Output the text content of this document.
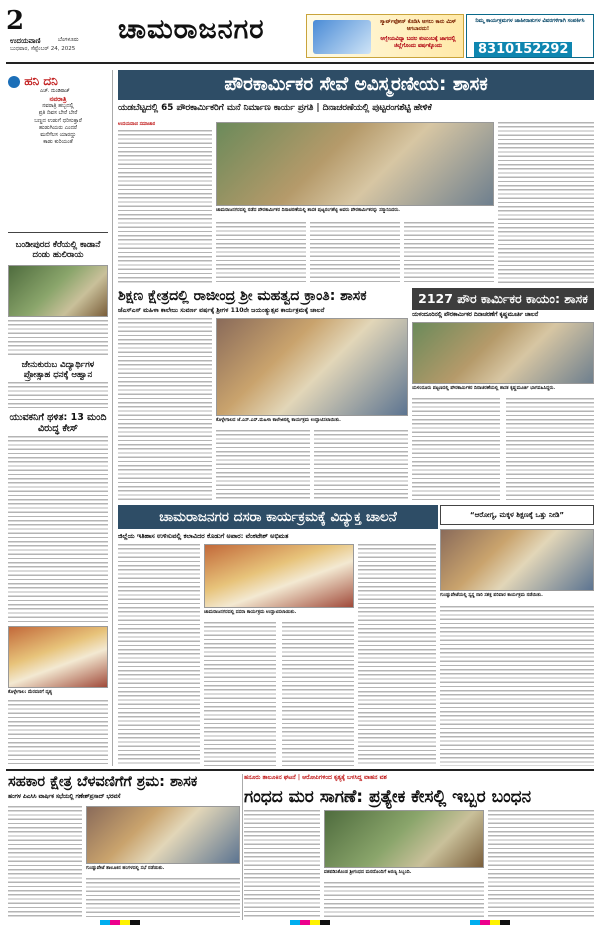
2
ಉದಯವಾಣಿ	ಬೆಂಗಳೂರು
ಬುಧವಾರ, ಸೆಪ್ಟೆಂಬರ್ 24, 2025
ಚಾಮರಾಜನಗರ	ಸ್ಮಾರ್ಟ್‌ಫೋನ್ ಕೊಡಿಸಿ ಆಗಲು ಕಾರು ಮಿಸ್ ಆಗಬಾರದು!
ಆಗ್ನೇಯವಿದ್ಯಾ ಬದಲ ಕುಟುಂಬಕ್ಕೆ ಜಾಗದಲ್ಲಿ ಜಿಲ್ಲೆಗೊಂದು ವರ್ಷಕ್ಕೊಂದು
ನಿಮ್ಮ ಕಾರ್ಯಕ್ರಮಗಳ ಜಾಹೀರಾತುಗಳ ವಿವರಗಳಿಗಾಗಿ ಸಂಪರ್ಕಿಸಿ
8310152292
ಹನಿ ದನಿ
ಎಚ್. ದುಂಡಿರಾಜ್
ನವರಾತ್ರಿ
ನವರಾತ್ರಿ ಹಬ್ಬದಲ್ಲಿ
ಪ್ರತಿ ದಿವಸ ಬೇರೆ ಬೇರೆ
ಬಣ್ಣದ ಉಡುಗೆ ಧರಿಸುತ್ತಾರೆ
ಹುಡುಗಿಯರು ಎಂದರೆ
ಮನೆಗೆಲಸ ಯಾರದ್ದು
ಕಾಡು ಕುರಿಯಂತೆ
ಬಂಡೀಪುರದ ಕೆರೆಯಲ್ಲಿ ಕಾಡಾನೆ ದಂಡು ಹುಲಿರಾಯ
ಜೇನುಕುರುಬ ವಿದ್ಯಾರ್ಥಿಗಳ ಪ್ರೋತ್ಸಾಹ ಧನಕ್ಕೆ ಆಹ್ವಾನ
ಯುವಕನಿಗೆ ಥಳಿತ: 13 ಮಂದಿ ವಿರುದ್ಧ ಕೇಸ್
ಕೊಳ್ಳೇಗಾಲ: ಮೆರವಣಿಗೆ ದೃಶ್ಯ
ಪೌರಕಾರ್ಮಿಕರ ಸೇವೆ ಅವಿಸ್ಮರಣೀಯ: ಶಾಸಕ
ಯಡಬೆಟ್ಟದಲ್ಲಿ 65 ಪೌರಕಾರ್ಮಿಕರಿಗೆ ಮನೆ ನಿರ್ಮಾಣ ಕಾರ್ಯ ಪ್ರಗತಿ | ದಿನಾಚರಣೆಯಲ್ಲಿ ಪುಟ್ಟರಂಗಶೆಟ್ಟಿ ಹೇಳಿಕೆ
ಉದಯವಾಣಿ ಸಮಾಚಾರ
ಚಾಮರಾಜನಗರದಲ್ಲಿ ನಡೆದ ಪೌರಕಾರ್ಮಿಕರ ದಿನಾಚರಣೆಯಲ್ಲಿ ಶಾಸಕ ಪುಟ್ಟರಂಗಶೆಟ್ಟಿ ಅವರು ಪೌರಕಾರ್ಮಿಕರನ್ನು ಸನ್ಮಾನಿಸಿದರು.
ಶಿಕ್ಷಣ ಕ್ಷೇತ್ರದಲ್ಲಿ ರಾಜೀಂದ್ರ ಶ್ರೀ ಮಹತ್ವದ ಕ್ರಾಂತಿ: ಶಾಸಕ
ಜೆಎಸ್‌ಎಸ್ ಮಹಿಳಾ ಕಾಲೇಜು ಸುವರ್ಣ ವರ್ಷಕ್ಕೆ ಶ್ರೀಗಳ 110ನೇ ಜಯಂತ್ಯುತ್ಸವ ಕಾರ್ಯಕ್ರಮಕ್ಕೆ ಚಾಲನೆ
ಕೊಳ್ಳೇಗಾಲದ ಜೆ.ಎಸ್.ಎಸ್.ಮಹಿಳಾ ಕಾಲೇಜಿನಲ್ಲಿ ಕಾರ್ಯಕ್ರಮ ಉದ್ಘಾಟಿಸಲಾಯಿತು.
2127 ಪೌರ ಕಾರ್ಮಿಕರ ಕಾಯಂ: ಶಾಸಕ
ಯಳಂದೂರಿನಲ್ಲಿ ಪೌರಕಾರ್ಮಿಕರ ದಿನಾಚರಣೆಗೆ ಕೃಷ್ಣಮೂರ್ತಿ ಚಾಲನೆ
ಯಳಂದೂರು ಪಟ್ಟಣದಲ್ಲಿ ಪೌರಕಾರ್ಮಿಕರ ದಿನಾಚರಣೆಯಲ್ಲಿ ಶಾಸಕ ಕೃಷ್ಣಮೂರ್ತಿ ಭಾಗವಹಿಸಿದ್ದರು.
ಚಾಮರಾಜನಗರ ದಸರಾ ಕಾರ್ಯಕ್ರಮಕ್ಕೆ ವಿದ್ಯುಕ್ತ ಚಾಲನೆ
ಜಿಲ್ಲೆಯ ಇತಿಹಾಸ ಉಳಿಸುವಲ್ಲಿ ಕಲಾವಿದರ ಕೊಡುಗೆ ಅಪಾರ: ವೆಂಕಟೇಶ್ ಅಭಿಮತ
ಚಾಮರಾಜನಗರದಲ್ಲಿ ದಸರಾ ಕಾರ್ಯಕ್ರಮ ಉದ್ಘಾಟಿಸಲಾಯಿತು.
“ಆರೋಗ್ಯ, ಮಕ್ಕಳ ಶಿಕ್ಷಣಕ್ಕೆ ಒತ್ತು ನೀಡಿ”
ಗುಂಡ್ಲುಪೇಟೆಯಲ್ಲಿ ಸ್ವಸ್ಥ ನಾರಿ ಸಶಕ್ತ ಪರಿವಾರ ಕಾರ್ಯಕ್ರಮ ನಡೆಯಿತು.
ಸಹಕಾರ ಕ್ಷೇತ್ರ ಬೆಳವಣಿಗೆಗೆ ಶ್ರಮ: ಶಾಸಕ
ಹಂಗಳ ಪಿಎಸಿಸಿ ವಾರ್ಷಿಕ ಸಭೆಯಲ್ಲಿ ಗಣೇಶ್‌ಪ್ರಸಾದ್ ಭರವಸೆ
ಗುಂಡ್ಲುಪೇಟೆ ತಾಲೂಕಿನ ಹಂಗಳದಲ್ಲಿ ಸಭೆ ನಡೆಯಿತು.
ಹನೂರು ತಾಲೂಕಿನ ಘಟನೆ | ಆರೋಪಿಗಳಿಂದ ಕೃತ್ಯಕ್ಕೆ ಬಳಸಿದ್ದ ವಾಹನ ವಶ
ಗಂಧದ ಮರ ಸಾಗಣೆ: ಪ್ರತ್ಯೇಕ ಕೇಸಲ್ಲಿ ಇಬ್ಬರ ಬಂಧನ
ವಶಪಡಿಸಿಕೊಂಡ ಶ್ರೀಗಂಧದ ಮರದೊಂದಿಗೆ ಅರಣ್ಯ ಸಿಬ್ಬಂದಿ.
